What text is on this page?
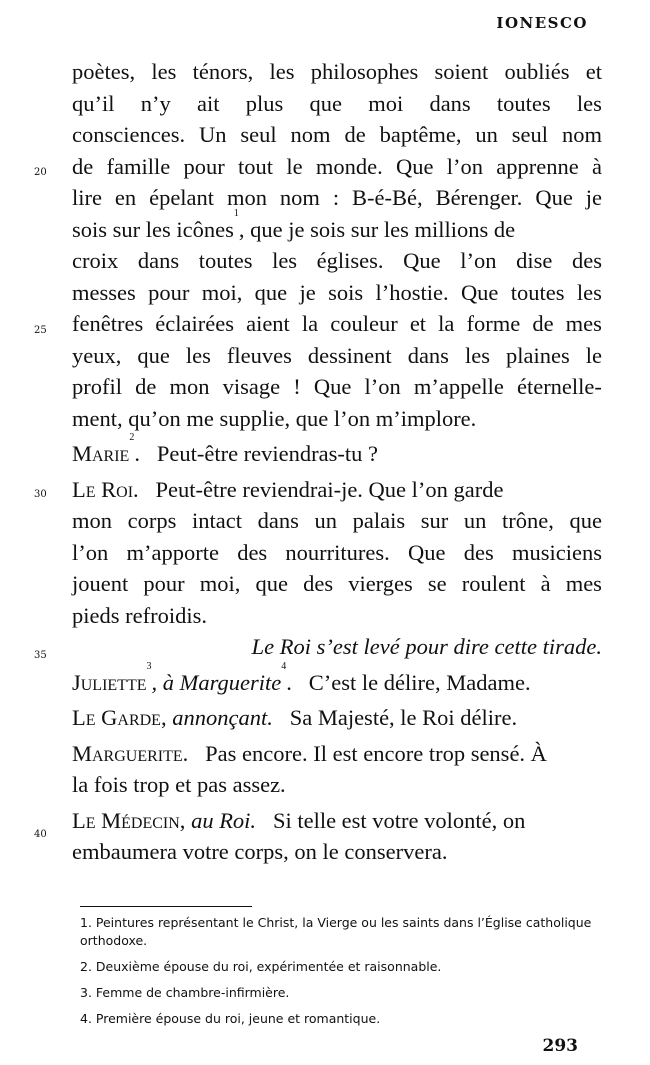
IONESCO
20
25
30
35
40
poètes, les ténors, les philosophes soient oubliés et
qu’il n’y ait plus que moi dans toutes les
consciences. Un seul nom de baptême, un seul nom
de famille pour tout le monde. Que l’on apprenne à
lire en épelant mon nom : B-é-Bé, Bérenger. Que je
sois sur les icônes
1
, que je sois sur les millions de
croix dans toutes les églises. Que l’on dise des
messes pour moi, que je sois l’hostie. Que toutes les
fenêtres éclairées aient la couleur et la forme de mes
yeux, que les fleuves dessinent dans les plaines le
profil de mon visage ! Que l’on m’appelle éternelle-
ment, qu’on me supplie, que l’on m’implore.
Marie
2
.
Peut-être reviendras-tu ?
Le Roi.
Peut-être reviendrai-je. Que l’on garde
mon corps intact dans un palais sur un trône, que
l’on m’apporte des nourritures. Que des musiciens
jouent pour moi, que des vierges se roulent à mes
pieds refroidis.
Le Roi s’est levé pour dire cette tirade.
Juliette
3
, à Marguerite
4
.
C’est le délire, Madame.
Le Garde,
annonçant.
Sa Majesté, le Roi délire.
Marguerite.
Pas encore. Il est encore trop sensé. À
la fois trop et pas assez.
Le Médecin,
au Roi.
Si telle est votre volonté, on
embaumera votre corps, on le conservera.
1. Peintures représentant le Christ, la Vierge ou les saints dans l’Église catholique orthodoxe.
2. Deuxième épouse du roi, expérimentée et raisonnable.
3. Femme de chambre-infirmière.
4. Première épouse du roi, jeune et romantique.
293
